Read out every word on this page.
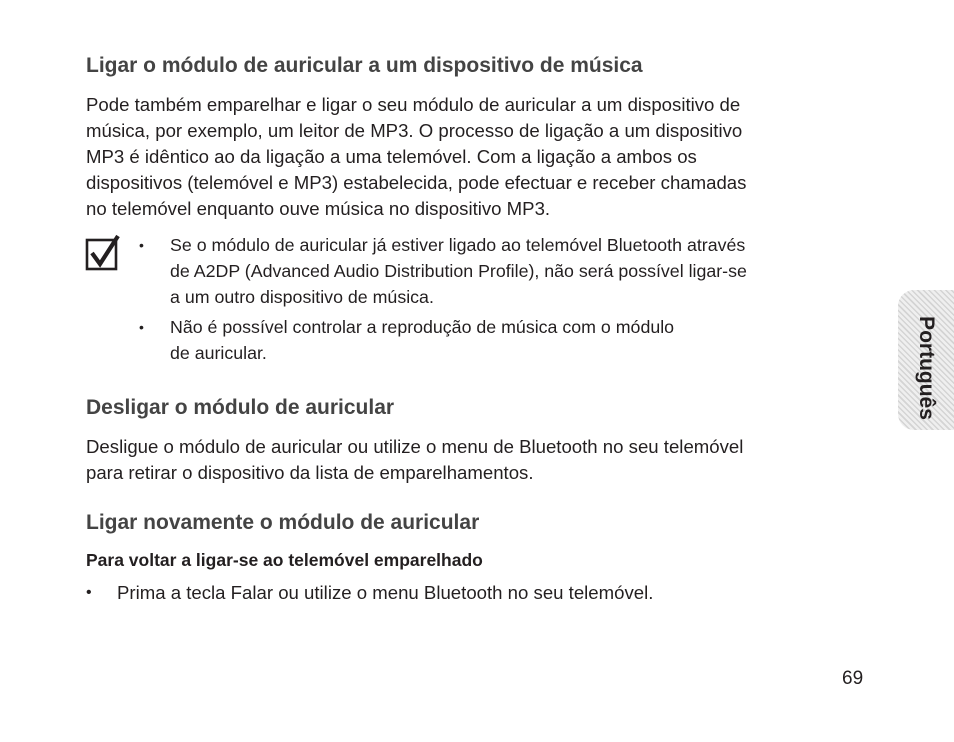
Ligar o módulo de auricular a um dispositivo de música
Pode também emparelhar e ligar o seu módulo de auricular a um dispositivo de
música, por exemplo, um leitor de MP3. O processo de ligação a um dispositivo
MP3 é idêntico ao da ligação a uma telemóvel. Com a ligação a ambos os
dispositivos (telemóvel e MP3) estabelecida, pode efectuar e receber chamadas
no telemóvel enquanto ouve música no dispositivo MP3.
• Se o módulo de auricular já estiver ligado ao telemóvel Bluetooth através
de A2DP (Advanced Audio Distribution Profile), não será possível ligar-se
a um outro dispositivo de música.
• Não é possível controlar a reprodução de música com o módulo
de auricular.
Desligar o módulo de auricular
Desligue o módulo de auricular ou utilize o menu de Bluetooth no seu telemóvel
para retirar o dispositivo da lista de emparelhamentos.
Ligar novamente o módulo de auricular
Para voltar a ligar-se ao telemóvel emparelhado
• Prima a tecla Falar ou utilize o menu Bluetooth no seu telemóvel.

Português
69
